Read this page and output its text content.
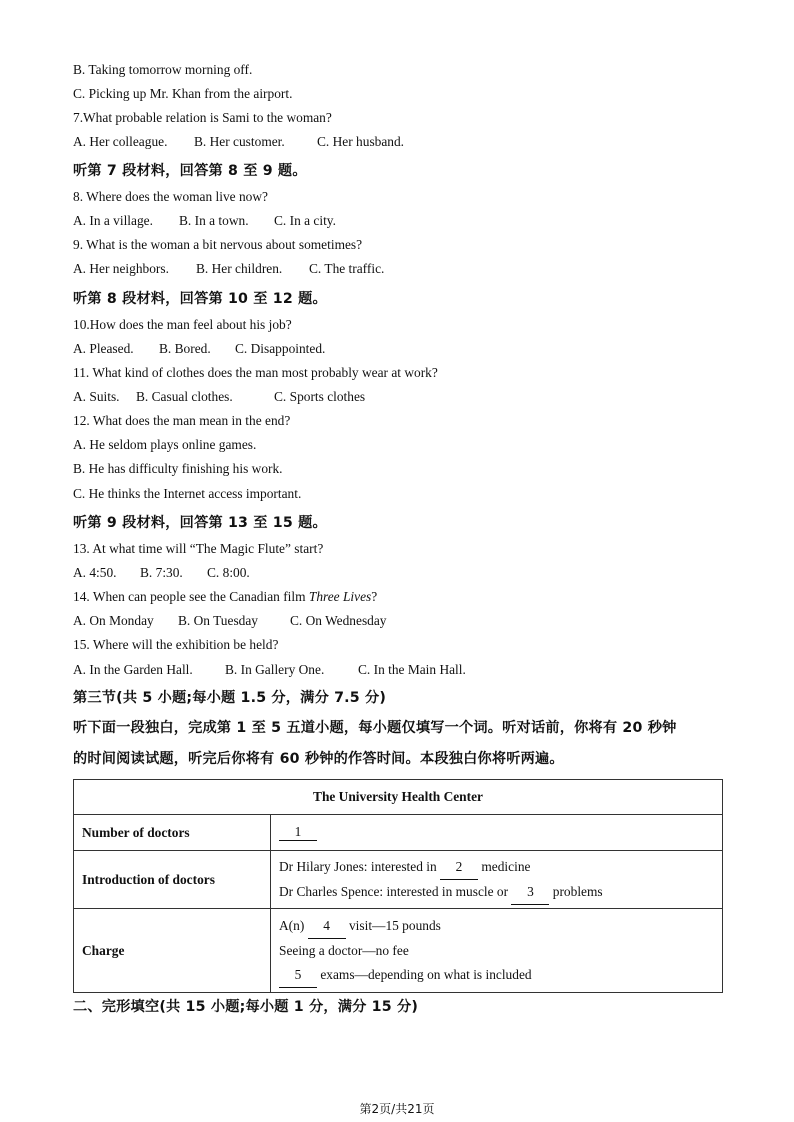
B. Taking tomorrow morning off.
C. Picking up Mr. Khan from the airport.
7.What probable relation is Sami to the woman?
A. Her colleague. B. Her customer. C. Her husband.
听第 7 段材料，回答第 8 至 9 题。
8. Where does the woman live now?
A. In a village. B. In a town. C. In a city.
9. What is the woman a bit nervous about sometimes?
A. Her neighbors. B. Her children. C. The traffic.
听第 8 段材料，回答第 10 至 12 题。
10.How does the man feel about his job?
A. Pleased. B. Bored. C. Disappointed.
11. What kind of clothes does the man most probably wear at work?
A. Suits. B. Casual clothes.	C. Sports clothes
12. What does the man mean in the end?
A. He seldom plays online games.
B. He has difficulty finishing his work.
C. He thinks the Internet access important.
听第 9 段材料，回答第 13 至 15 题。
13. At what time will “The Magic Flute” start?
A. 4:50. B. 7:30. C. 8:00.
14. When can people see the Canadian film Three Lives?
A. On Monday B. On Tuesday C. On Wednesday
15. Where will the exhibition be held?
A. In the Garden Hall. B. In Gallery One.	C. In the Main Hall.
第三节(共 5 小题;每小题 1.5 分，满分 7.5 分)
听下面一段独白，完成第 1 至 5 五道小题，每小题仅填写一个词。听对话前，你将有 20 秒钟
的时间阅读试题，听完后你将有 60 秒钟的作答时间。本段独白你将听两遍。
The University Health Center	
Number of doctors	1
Introduction of doctors	Dr Hilary Jones: interested in 2 medicine
Dr Charles Spence: interested in muscle or 3 problems

Charge	A(n) 4 visit—15 pounds
Seeing a doctor—no fee
5 exams—depending on what is included
二、完形填空(共 15 小题;每小题 1 分，满分 15 分)
第2页/共21页
